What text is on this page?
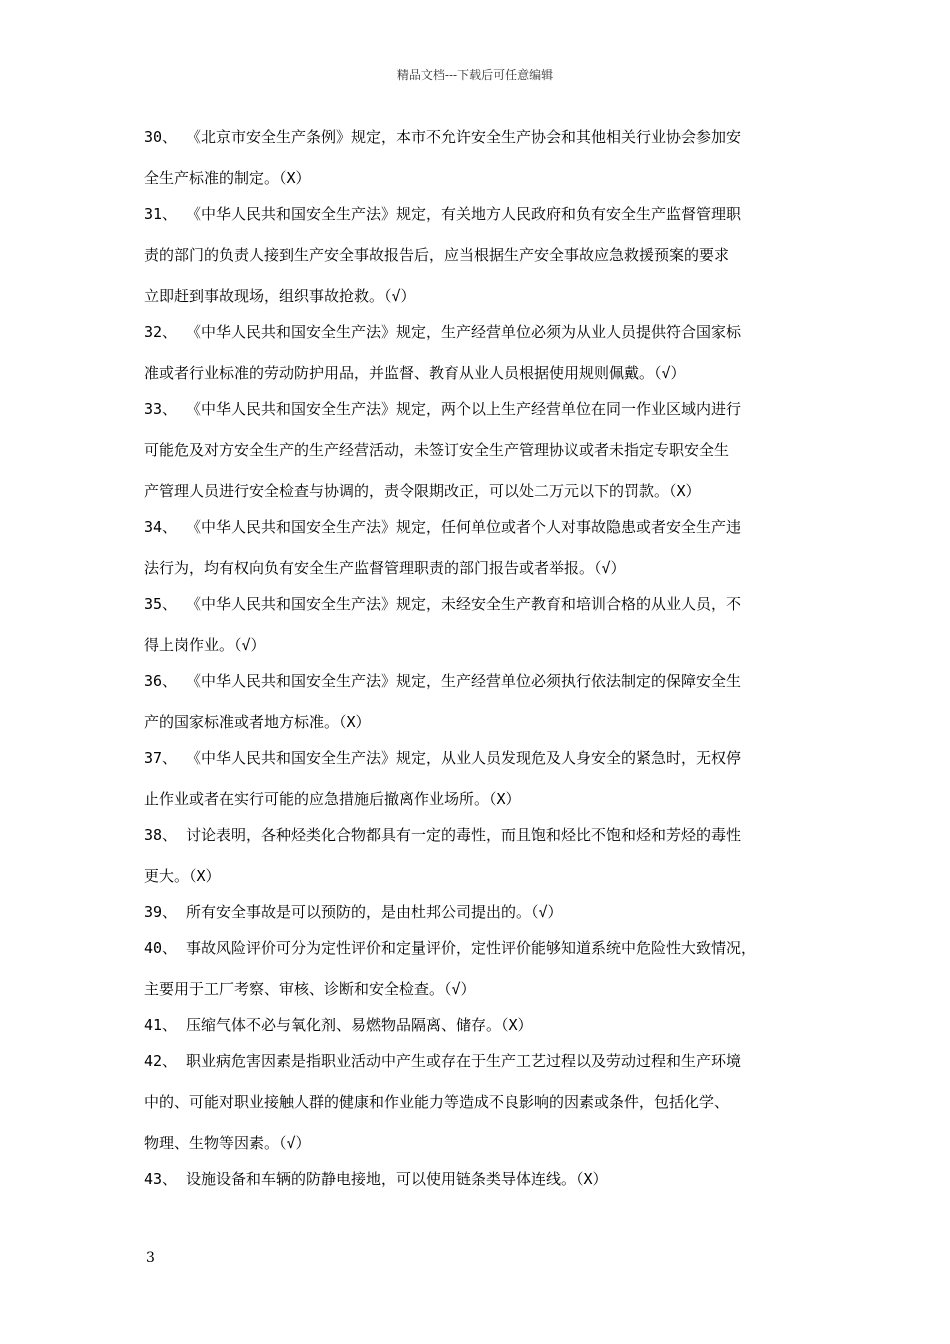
精品文档---下载后可任意编辑
30、 《北京市安全生产条例》规定，本市不允许安全生产协会和其他相关行业协会参加安
全生产标准的制定。（X）
31、 《中华人民共和国安全生产法》规定，有关地方人民政府和负有安全生产监督管理职
责的部门的负责人接到生产安全事故报告后，应当根据生产安全事故应急救援预案的要求
立即赶到事故现场，组织事故抢救。（√）
32、 《中华人民共和国安全生产法》规定，生产经营单位必须为从业人员提供符合国家标
准或者行业标准的劳动防护用品，并监督、教育从业人员根据使用规则佩戴。（√）
33、 《中华人民共和国安全生产法》规定，两个以上生产经营单位在同一作业区域内进行
可能危及对方安全生产的生产经营活动，未签订安全生产管理协议或者未指定专职安全生
产管理人员进行安全检查与协调的，责令限期改正，可以处二万元以下的罚款。（X）
34、 《中华人民共和国安全生产法》规定，任何单位或者个人对事故隐患或者安全生产违
法行为，均有权向负有安全生产监督管理职责的部门报告或者举报。（√）
35、 《中华人民共和国安全生产法》规定，未经安全生产教育和培训合格的从业人员，不
得上岗作业。（√）
36、 《中华人民共和国安全生产法》规定，生产经营单位必须执行依法制定的保障安全生
产的国家标准或者地方标准。（X）
37、 《中华人民共和国安全生产法》规定，从业人员发现危及人身安全的紧急时，无权停
止作业或者在实行可能的应急措施后撤离作业场所。（X）
38、 讨论表明，各种烃类化合物都具有一定的毒性，而且饱和烃比不饱和烃和芳烃的毒性
更大。（X）
39、 所有安全事故是可以预防的，是由杜邦公司提出的。（√）
40、 事故风险评价可分为定性评价和定量评价，定性评价能够知道系统中危险性大致情况，
主要用于工厂考察、审核、诊断和安全检查。（√）
41、 压缩气体不必与氧化剂、易燃物品隔离、储存。（X）
42、 职业病危害因素是指职业活动中产生或存在于生产工艺过程以及劳动过程和生产环境
中的、可能对职业接触人群的健康和作业能力等造成不良影响的因素或条件，包括化学、
物理、生物等因素。（√）
43、 设施设备和车辆的防静电接地，可以使用链条类导体连线。（X）
3
